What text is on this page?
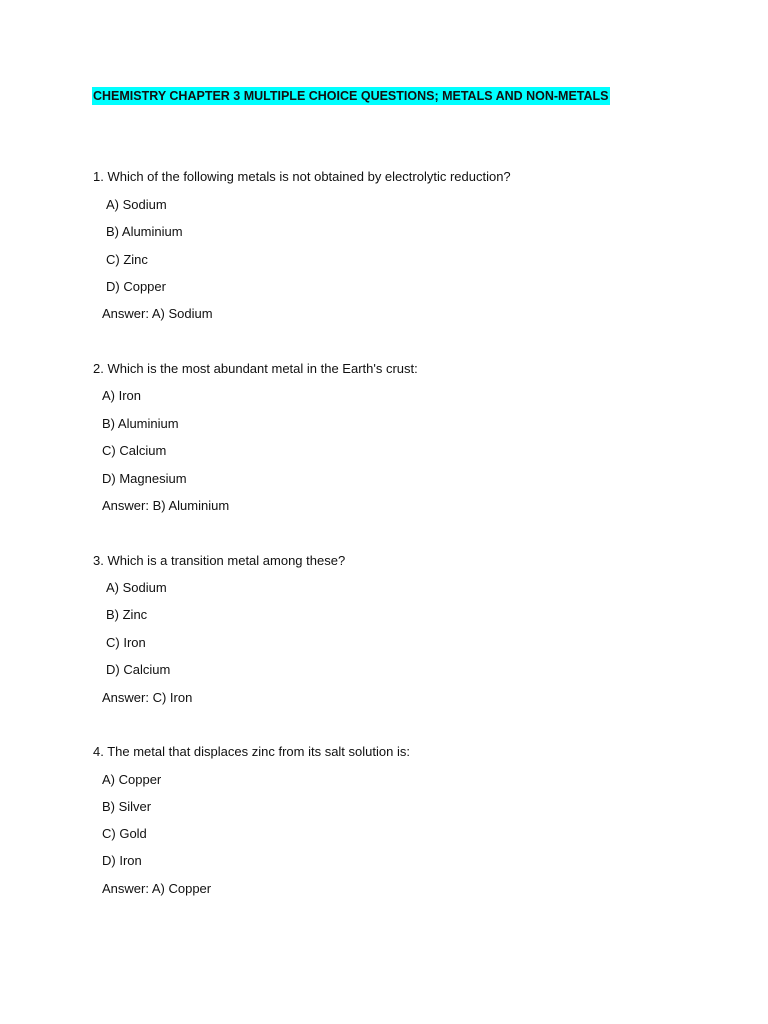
CHEMISTRY CHAPTER 3 MULTIPLE CHOICE QUESTIONS; METALS AND NON-METALS
1. Which of the following metals is not obtained by electrolytic reduction?
A) Sodium
B) Aluminium
C) Zinc
D) Copper
Answer: A) Sodium
2. Which is the most abundant metal in the Earth's crust:
A) Iron
B) Aluminium
C) Calcium
D) Magnesium
Answer: B) Aluminium
3. Which is a transition metal among these?
A) Sodium
B) Zinc
C) Iron
D) Calcium
Answer: C) Iron
4. The metal that displaces zinc from its salt solution is:
A) Copper
B) Silver
C) Gold
D) Iron
Answer: A) Copper
